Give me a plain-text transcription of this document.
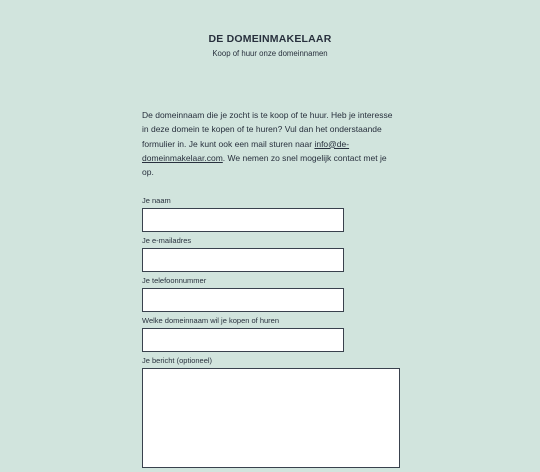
DE DOMEINMAKELAAR
Koop of huur onze domeinnamen

De domeinnaam die je zocht is te koop of te huur. Heb je interesse in deze domein te kopen of te huren? Vul dan het onderstaande formulier in. Je kunt ook een mail sturen naar info@de-domeinmakelaar.com. We nemen zo snel mogelijk contact met je op.

Je naam
Je e-mailadres
Je telefoonnummer
Welke domeinnaam wil je kopen of huren
Je bericht (optioneel)
